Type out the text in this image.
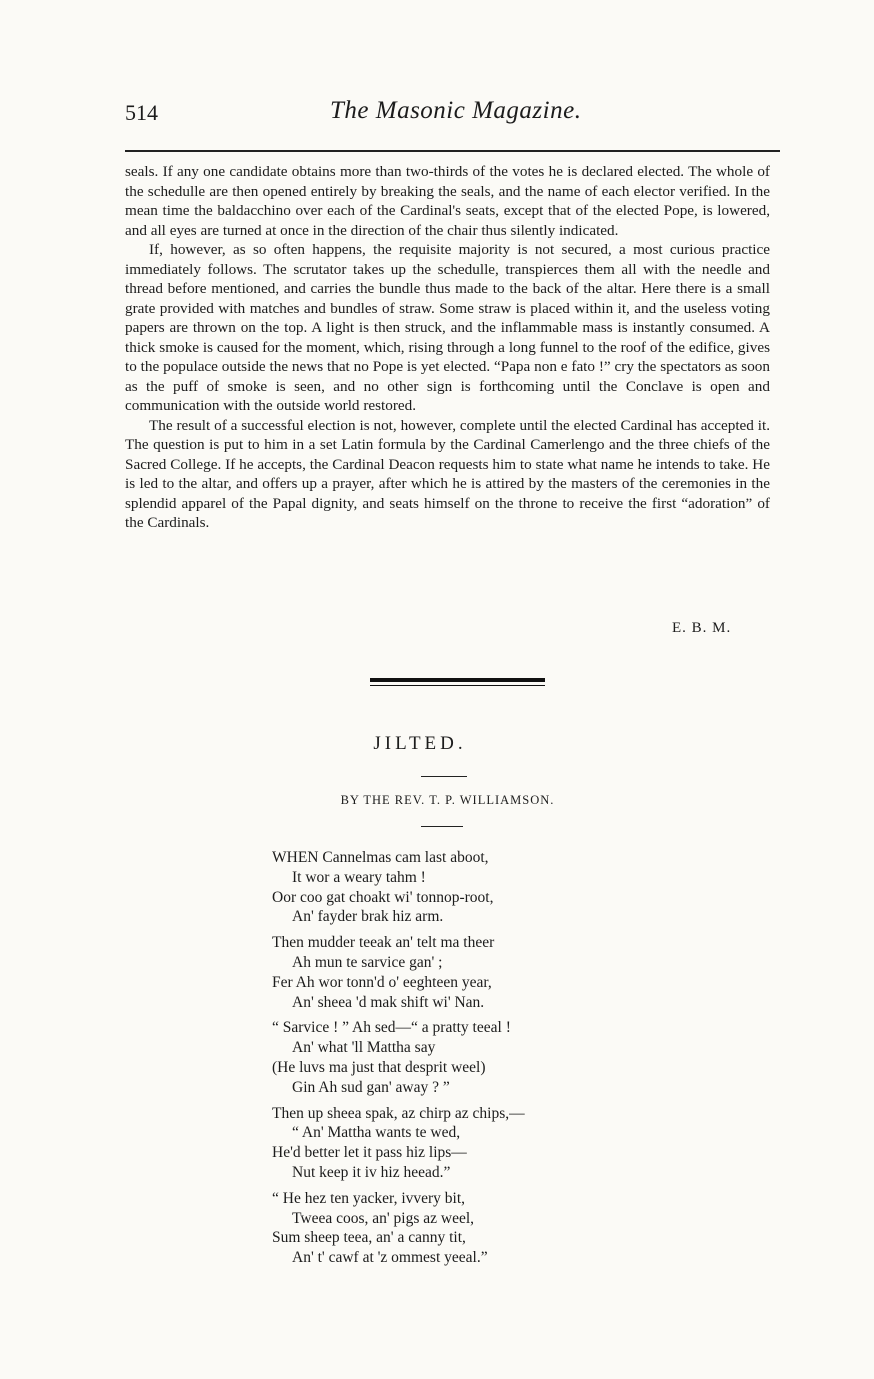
514	The Masonic Magazine.

seals. If any one candidate obtains more than two-thirds of the votes he is declared elected. The whole of the schedulle are then opened entirely by breaking the seals, and the name of each elector verified. In the mean time the baldacchino over each of the Cardinal's seats, except that of the elected Pope, is lowered, and all eyes are turned at once in the direction of the chair thus silently indicated.

If, however, as so often happens, the requisite majority is not secured, a most curious practice immediately follows. The scrutator takes up the schedulle, transpierces them all with the needle and thread before mentioned, and carries the bundle thus made to the back of the altar. Here there is a small grate provided with matches and bundles of straw. Some straw is placed within it, and the useless voting papers are thrown on the top. A light is then struck, and the inflammable mass is instantly consumed. A thick smoke is caused for the moment, which, rising through a long funnel to the roof of the edifice, gives to the populace outside the news that no Pope is yet elected. “Papa non e fato !” cry the spectators as soon as the puff of smoke is seen, and no other sign is forthcoming until the Conclave is open and communication with the outside world restored.

The result of a successful election is not, however, complete until the elected Cardinal has accepted it. The question is put to him in a set Latin formula by the Cardinal Camerlengo and the three chiefs of the Sacred College. If he accepts, the Cardinal Deacon requests him to state what name he intends to take. He is led to the altar, and offers up a prayer, after which he is attired by the masters of the ceremonies in the splendid apparel of the Papal dignity, and seats himself on the throne to receive the first “adoration” of the Cardinals.

E. B. M.
JILTED.
BY THE REV. T. P. WILLIAMSON.
WHEN Cannelmas cam last aboot,
It wor a weary tahm !
Oor coo gat choakt wi' tonnop-root,
An' fayder brak hiz arm.
Then mudder teeak an' telt ma theer
Ah mun te sarvice gan' ;
Fer Ah wor tonn'd o' eeghteen year,
An' sheea 'd mak shift wi' Nan.
“ Sarvice ! ” Ah sed—“ a pratty teeal !
An' what 'll Mattha say
(He luvs ma just that desprit weel)
Gin Ah sud gan' away ? ”
Then up sheea spak, az chirp az chips,—
“ An' Mattha wants te wed,
He'd better let it pass hiz lips—
Nut keep it iv hiz heead.”
“ He hez ten yacker, ivvery bit,
Tweea coos, an' pigs az weel,
Sum sheep teea, an' a canny tit,
An' t' cawf at 'z ommest yeeal.”
